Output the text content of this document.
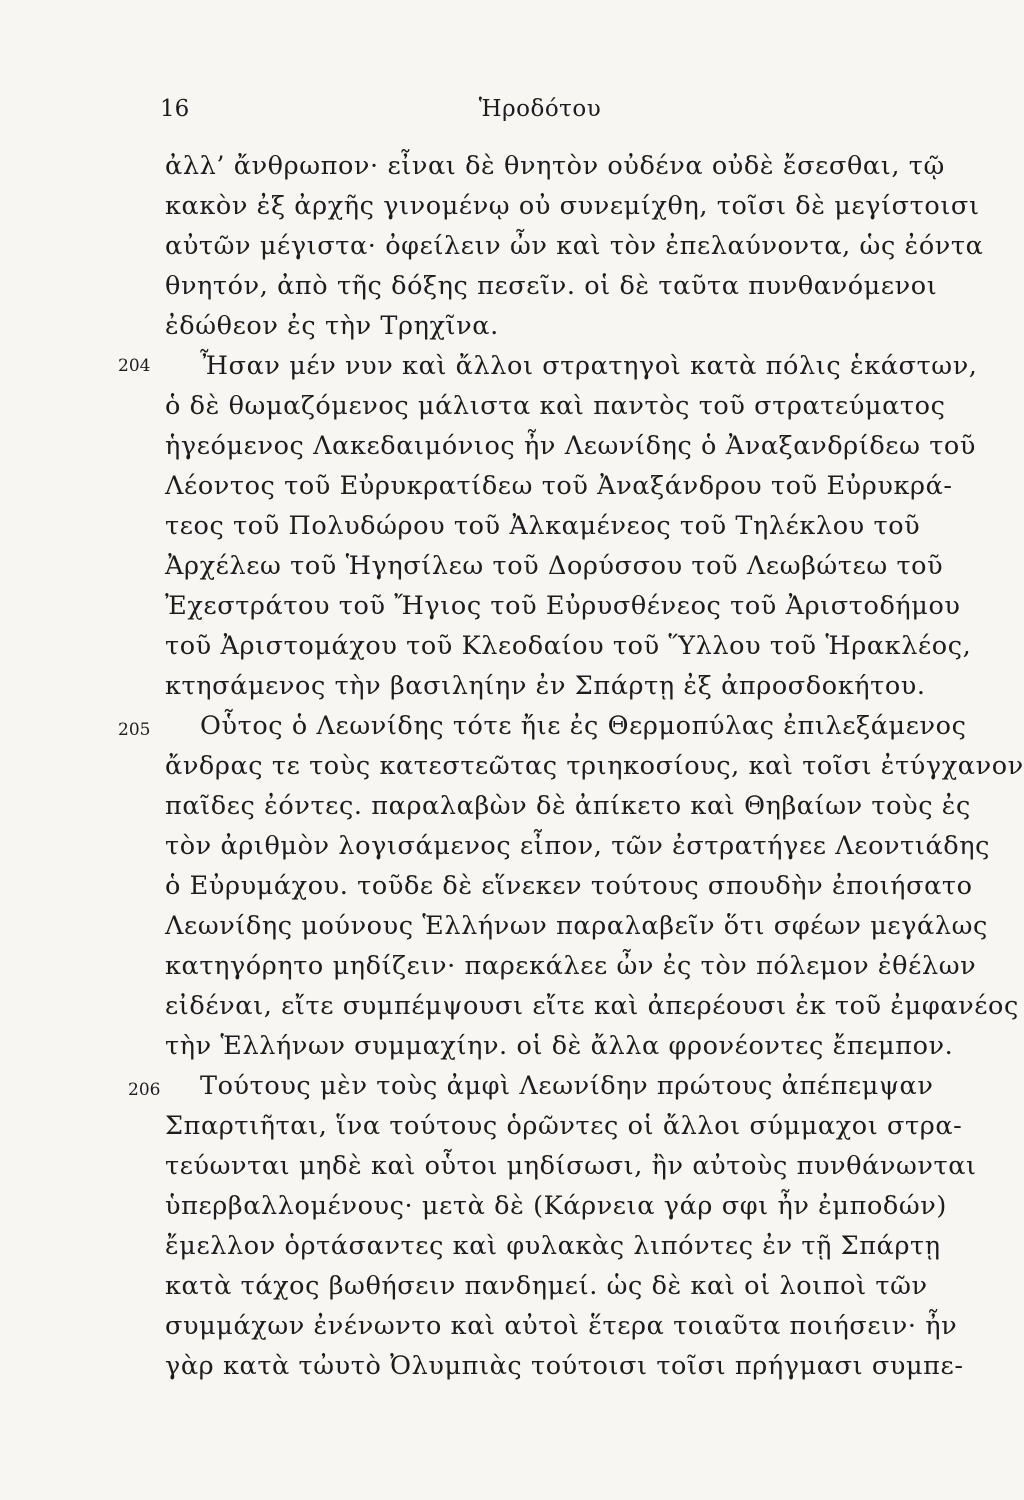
16	Ἡροδότου
ἀλλ’ ἄνθρωπον· εἶναι δὲ θνητὸν οὐδένα οὐδὲ ἔσεσθαι, τῷ
κακὸν ἐξ ἀρχῆς γινομένῳ οὐ συνεμίχθη, τοῖσι δὲ μεγίστοισι
αὐτῶν μέγιστα· ὀφείλειν ὦν καὶ τὸν ἐπελαύνοντα, ὡς ἐόντα
θνητόν, ἀπὸ τῆς δόξης πεσεῖν. οἱ δὲ ταῦτα πυνθανόμενοι
ἐδώθεον ἐς τὴν Τρηχῖνα.
204 Ἦσαν μέν νυν καὶ ἄλλοι στρατηγοὶ κατὰ πόλις ἑκάστων,
ὁ δὲ θωμαζόμενος μάλιστα καὶ παντὸς τοῦ στρατεύματος
ἡγεόμενος Λακεδαιμόνιος ἦν Λεωνίδης ὁ Ἀναξανδρίδεω τοῦ
Λέοντος τοῦ Εὐρυκρατίδεω τοῦ Ἀναξάνδρου τοῦ Εὐρυκρά-
τεος τοῦ Πολυδώρου τοῦ Ἀλκαμένεος τοῦ Τηλέκλου τοῦ
Ἀρχέλεω τοῦ Ἡγησίλεω τοῦ Δορύσσου τοῦ Λεωβώτεω τοῦ
Ἐχεστράτου τοῦ Ἤγιος τοῦ Εὐρυσθένεος τοῦ Ἀριστοδήμου
τοῦ Ἀριστομάχου τοῦ Κλεοδαίου τοῦ Ὕλλου τοῦ Ἡρακλέος,
κτησάμενος τὴν βασιληίην ἐν Σπάρτῃ ἐξ ἀπροσδοκήτου.
205 Οὗτος ὁ Λεωνίδης τότε ἤιε ἐς Θερμοπύλας ἐπιλεξάμενος
ἄνδρας τε τοὺς κατεστεῶτας τριηκοσίους, καὶ τοῖσι ἐτύγχανον
παῖδες ἐόντες. παραλαβὼν δὲ ἀπίκετο καὶ Θηβαίων τοὺς ἐς
τὸν ἀριθμὸν λογισάμενος εἶπον, τῶν ἐστρατήγεε Λεοντιάδης
ὁ Εὐρυμάχου. τοῦδε δὲ εἵνεκεν τούτους σπουδὴν ἐποιήσατο
Λεωνίδης μούνους Ἑλλήνων παραλαβεῖν ὅτι σφέων μεγάλως
κατηγόρητο μηδίζειν· παρεκάλεε ὦν ἐς τὸν πόλεμον ἐθέλων
εἰδέναι, εἴτε συμπέμψουσι εἴτε καὶ ἀπερέουσι ἐκ τοῦ ἐμφανέος
τὴν Ἑλλήνων συμμαχίην. οἱ δὲ ἄλλα φρονέοντες ἔπεμπον.
206 Τούτους μὲν τοὺς ἀμφὶ Λεωνίδην πρώτους ἀπέπεμψαν
Σπαρτιῆται, ἵνα τούτους ὁρῶντες οἱ ἄλλοι σύμμαχοι στρα-
τεύωνται μηδὲ καὶ οὗτοι μηδίσωσι, ἢν αὐτοὺς πυνθάνωνται
ὑπερβαλλομένους· μετὰ δὲ (Κάρνεια γάρ σφι ἦν ἐμποδών)
ἔμελλον ὁρτάσαντες καὶ φυλακὰς λιπόντες ἐν τῇ Σπάρτῃ
κατὰ τάχος βωθήσειν πανδημεί. ὡς δὲ καὶ οἱ λοιποὶ τῶν
συμμάχων ἐνένωντο καὶ αὐτοὶ ἕτερα τοιαῦτα ποιήσειν· ἦν
γὰρ κατὰ τὠυτὸ Ὀλυμπιὰς τούτοισι τοῖσι πρήγμασι συμπε-
